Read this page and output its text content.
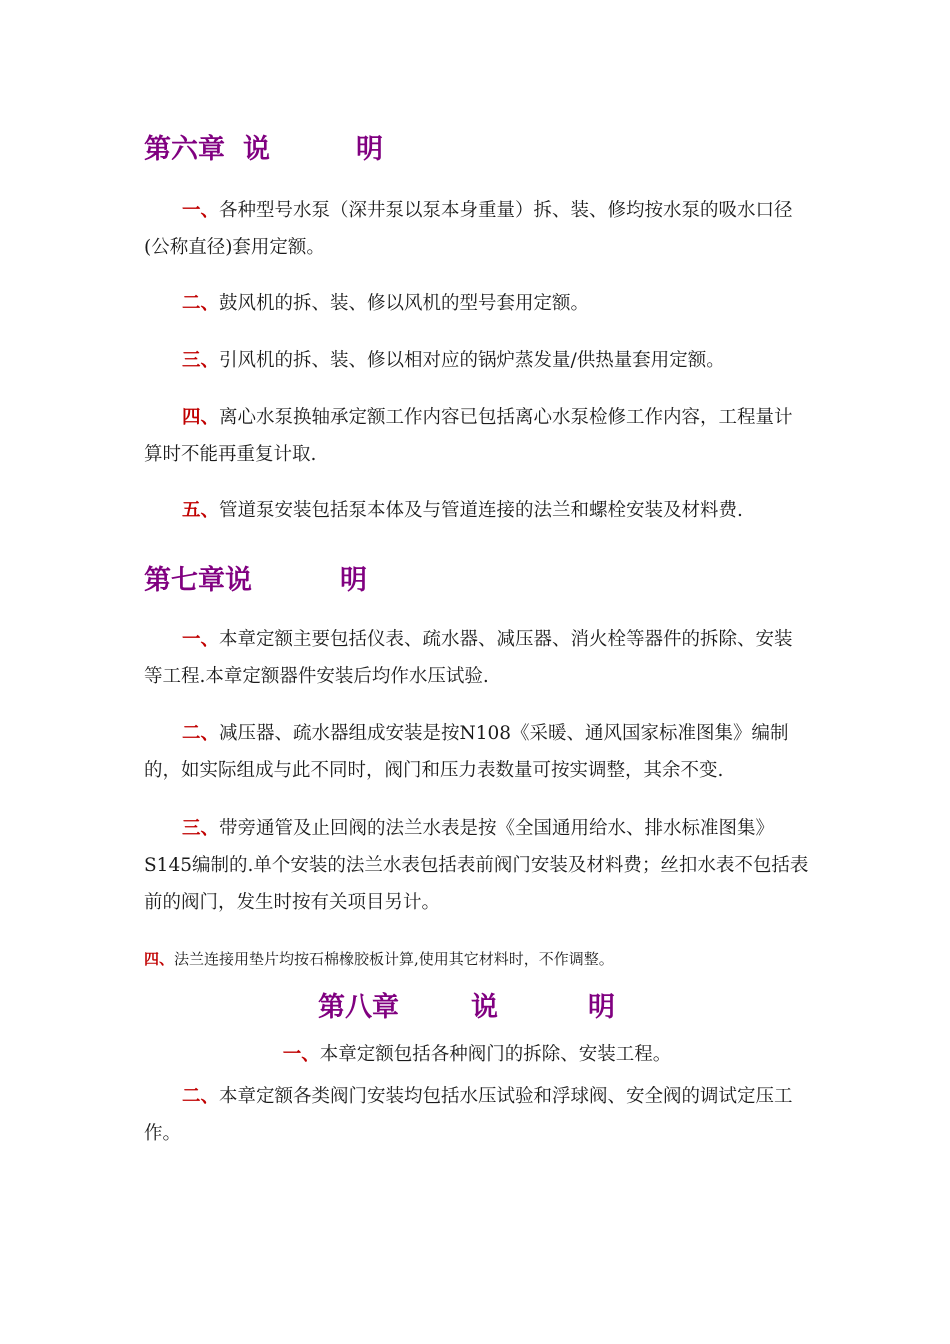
第六章 说	明

一、各种型号水泵（深井泵以泵本身重量）拆、装、修均按水泵的吸水口径(公称直径)套用定额。

二、鼓风机的拆、装、修以风机的型号套用定额。

三、引风机的拆、装、修以相对应的锅炉蒸发量/供热量套用定额。

四、离心水泵换轴承定额工作内容已包括离心水泵检修工作内容，工程量计算时不能再重复计取.

五、管道泵安装包括泵本体及与管道连接的法兰和螺栓安装及材料费.

第七章说	明

一、本章定额主要包括仪表、疏水器、减压器、消火栓等器件的拆除、安装等工程.本章定额器件安装后均作水压试验.

二、减压器、疏水器组成安装是按N108《采暖、通风国家标准图集》编制的，如实际组成与此不同时，阀门和压力表数量可按实调整，其余不变.

三、带旁通管及止回阀的法兰水表是按《全国通用给水、排水标准图集》S145编制的.单个安装的法兰水表包括表前阀门安装及材料费；丝扣水表不包括表前的阀门，发生时按有关项目另计。

四、法兰连接用垫片均按石棉橡胶板计算,使用其它材料时，不作调整。

第八章	说	明

一、本章定额包括各种阀门的拆除、安装工程。

二、本章定额各类阀门安装均包括水压试验和浮球阀、安全阀的调试定压工作。
